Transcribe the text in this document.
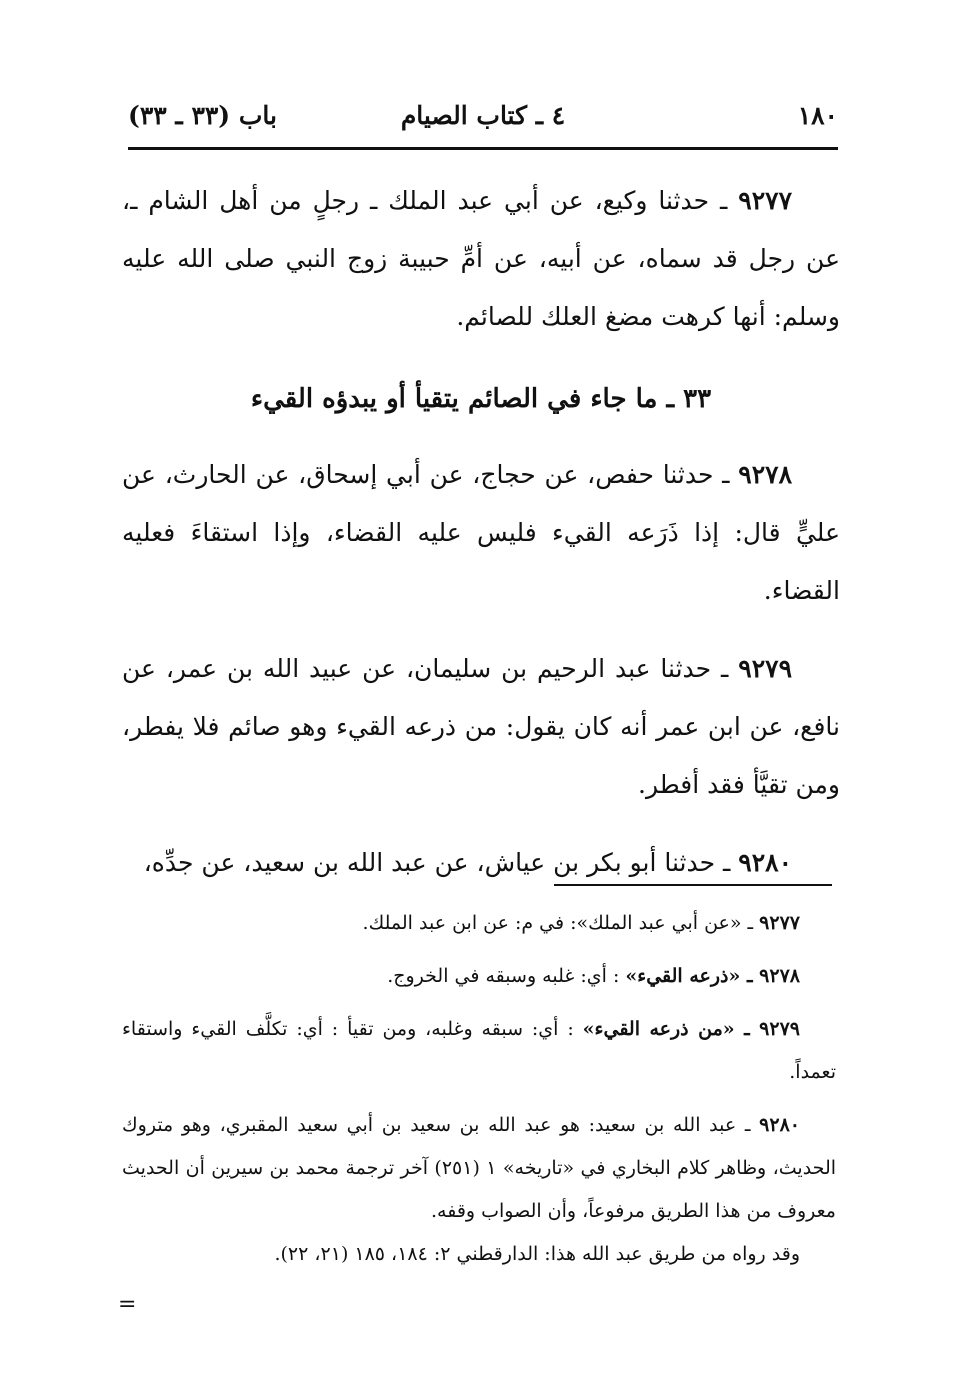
١٨٠
٤ ـ كتاب الصيام
باب (٣٣ ـ ٣٣)

٩٢٧٧ ـ حدثنا وكيع، عن أبي عبد الملك ـ رجلٍ من أهل الشام ـ، عن رجل قد سماه، عن أبيه، عن أمِّ حبيبة زوج النبي صلى الله عليه وسلم: أنها كرهت مضغ العلك للصائم.

٣٣ ـ ما جاء في الصائم يتقيأ أو يبدؤه القيء

٩٢٧٨ ـ حدثنا حفص، عن حجاج، عن أبي إسحاق، عن الحارث، عن عليٍّ قال: إذا ذَرَعه القيء فليس عليه القضاء، وإذا استقاءَ فعليه القضاء.

٩٢٧٩ ـ حدثنا عبد الرحيم بن سليمان، عن عبيد الله بن عمر، عن نافع، عن ابن عمر أنه كان يقول: من ذرعه القيء وهو صائم فلا يفطر، ومن تقيَّأ فقد أفطر.

٩٢٨٠ ـ حدثنا أبو بكر بن عياش، عن عبد الله بن سعيد، عن جدِّه،

٩٢٧٧ ـ «عن أبي عبد الملك»: في م: عن ابن عبد الملك.

٩٢٧٨ ـ «ذرعه القيء» : أي: غلبه وسبقه في الخروج.

٩٢٧٩ ـ «من ذرعه القيء» : أي: سبقه وغلبه، ومن تقيأ : أي: تكلَّف القيء واستقاء تعمداً.

٩٢٨٠ ـ عبد الله بن سعيد: هو عبد الله بن سعيد بن أبي سعيد المقبري، وهو متروك الحديث، وظاهر كلام البخاري في «تاريخه» ١ (٢٥١) آخر ترجمة محمد بن سيرين أن الحديث معروف من هذا الطريق مرفوعاً، وأن الصواب وقفه.

وقد رواه من طريق عبد الله هذا: الدارقطني ٢: ١٨٤، ١٨٥ (٢١، ٢٢).

=
